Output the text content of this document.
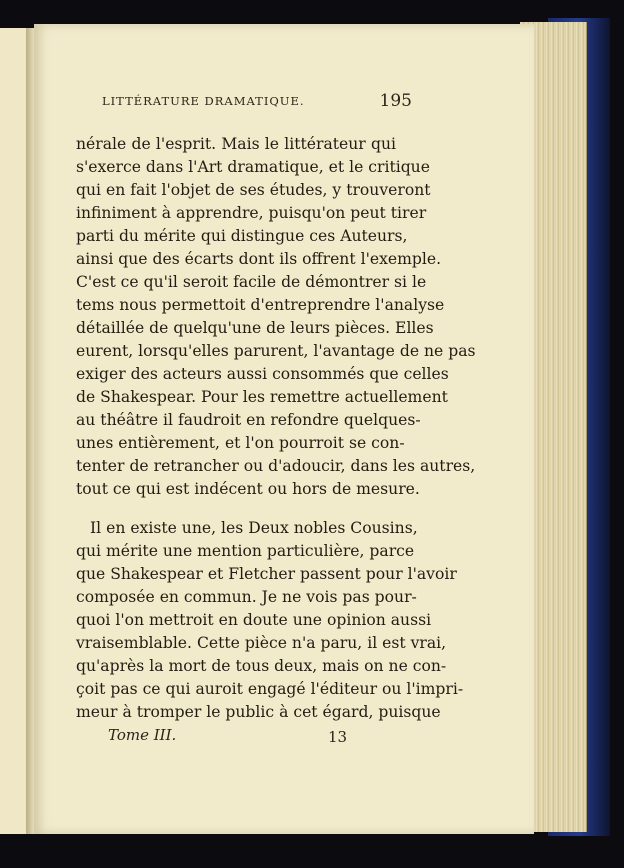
LITTÉRATURE DRAMATIQUE.	195
nérale de l'esprit. Mais le littérateur qui
s'exerce dans l'Art dramatique, et le critique
qui en fait l'objet de ses études, y trouveront
infiniment à apprendre, puisqu'on peut tirer
parti du mérite qui distingue ces Auteurs,
ainsi que des écarts dont ils offrent l'exemple.
C'est ce qu'il seroit facile de démontrer si le
tems nous permettoit d'entreprendre l'analyse
détaillée de quelqu'une de leurs pièces. Elles
eurent, lorsqu'elles parurent, l'avantage de ne pas
exiger des acteurs aussi consommés que celles
de Shakespear. Pour les remettre actuellement
au théâtre il faudroit en refondre quelques-
unes entièrement, et l'on pourroit se con-
tenter de retrancher ou d'adoucir, dans les autres,
tout ce qui est indécent ou hors de mesure.
Il en existe une, les Deux nobles Cousins,
qui mérite une mention particulière, parce
que Shakespear et Fletcher passent pour l'avoir
composée en commun. Je ne vois pas pour-
quoi l'on mettroit en doute une opinion aussi
vraisemblable. Cette pièce n'a paru, il est vrai,
qu'après la mort de tous deux, mais on ne con-
çoit pas ce qui auroit engagé l'éditeur ou l'impri-
meur à tromper le public à cet égard, puisque
Tome III.	13
